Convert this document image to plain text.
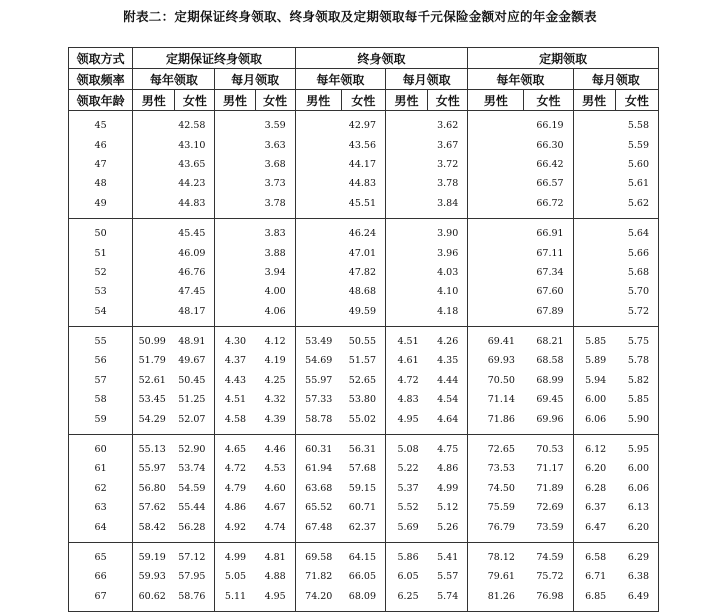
附表二：定期保证终身领取、终身领取及定期领取每千元保险金额对应的年金金额表
领取方式	定期保证终身领取				终身领取				定期领取			
领取频率	每年领取		每月领取		每年领取		每月领取		每年领取		每月领取	
领取年龄	男性	女性	男性	女性	男性	女性	男性	女性	男性	女性	男性	女性
45		42.58		3.59		42.97		3.62		66.19		5.58
46		43.10		3.63		43.56		3.67		66.30		5.59
47		43.65		3.68		44.17		3.72		66.42		5.60
48		44.23		3.73		44.83		3.78		66.57		5.61
49		44.83		3.78		45.51		3.84		66.72		5.62
50		45.45		3.83		46.24		3.90		66.91		5.64
51		46.09		3.88		47.01		3.96		67.11		5.66
52		46.76		3.94		47.82		4.03		67.34		5.68
53		47.45		4.00		48.68		4.10		67.60		5.70
54		48.17		4.06		49.59		4.18		67.89		5.72
55	50.99	48.91	4.30	4.12	53.49	50.55	4.51	4.26	69.41	68.21	5.85	5.75
56	51.79	49.67	4.37	4.19	54.69	51.57	4.61	4.35	69.93	68.58	5.89	5.78
57	52.61	50.45	4.43	4.25	55.97	52.65	4.72	4.44	70.50	68.99	5.94	5.82
58	53.45	51.25	4.51	4.32	57.33	53.80	4.83	4.54	71.14	69.45	6.00	5.85
59	54.29	52.07	4.58	4.39	58.78	55.02	4.95	4.64	71.86	69.96	6.06	5.90
60	55.13	52.90	4.65	4.46	60.31	56.31	5.08	4.75	72.65	70.53	6.12	5.95
61	55.97	53.74	4.72	4.53	61.94	57.68	5.22	4.86	73.53	71.17	6.20	6.00
62	56.80	54.59	4.79	4.60	63.68	59.15	5.37	4.99	74.50	71.89	6.28	6.06
63	57.62	55.44	4.86	4.67	65.52	60.71	5.52	5.12	75.59	72.69	6.37	6.13
64	58.42	56.28	4.92	4.74	67.48	62.37	5.69	5.26	76.79	73.59	6.47	6.20
65	59.19	57.12	4.99	4.81	69.58	64.15	5.86	5.41	78.12	74.59	6.58	6.29
66	59.93	57.95	5.05	4.88	71.82	66.05	6.05	5.57	79.61	75.72	6.71	6.38
67	60.62	58.76	5.11	4.95	74.20	68.09	6.25	5.74	81.26	76.98	6.85	6.49
